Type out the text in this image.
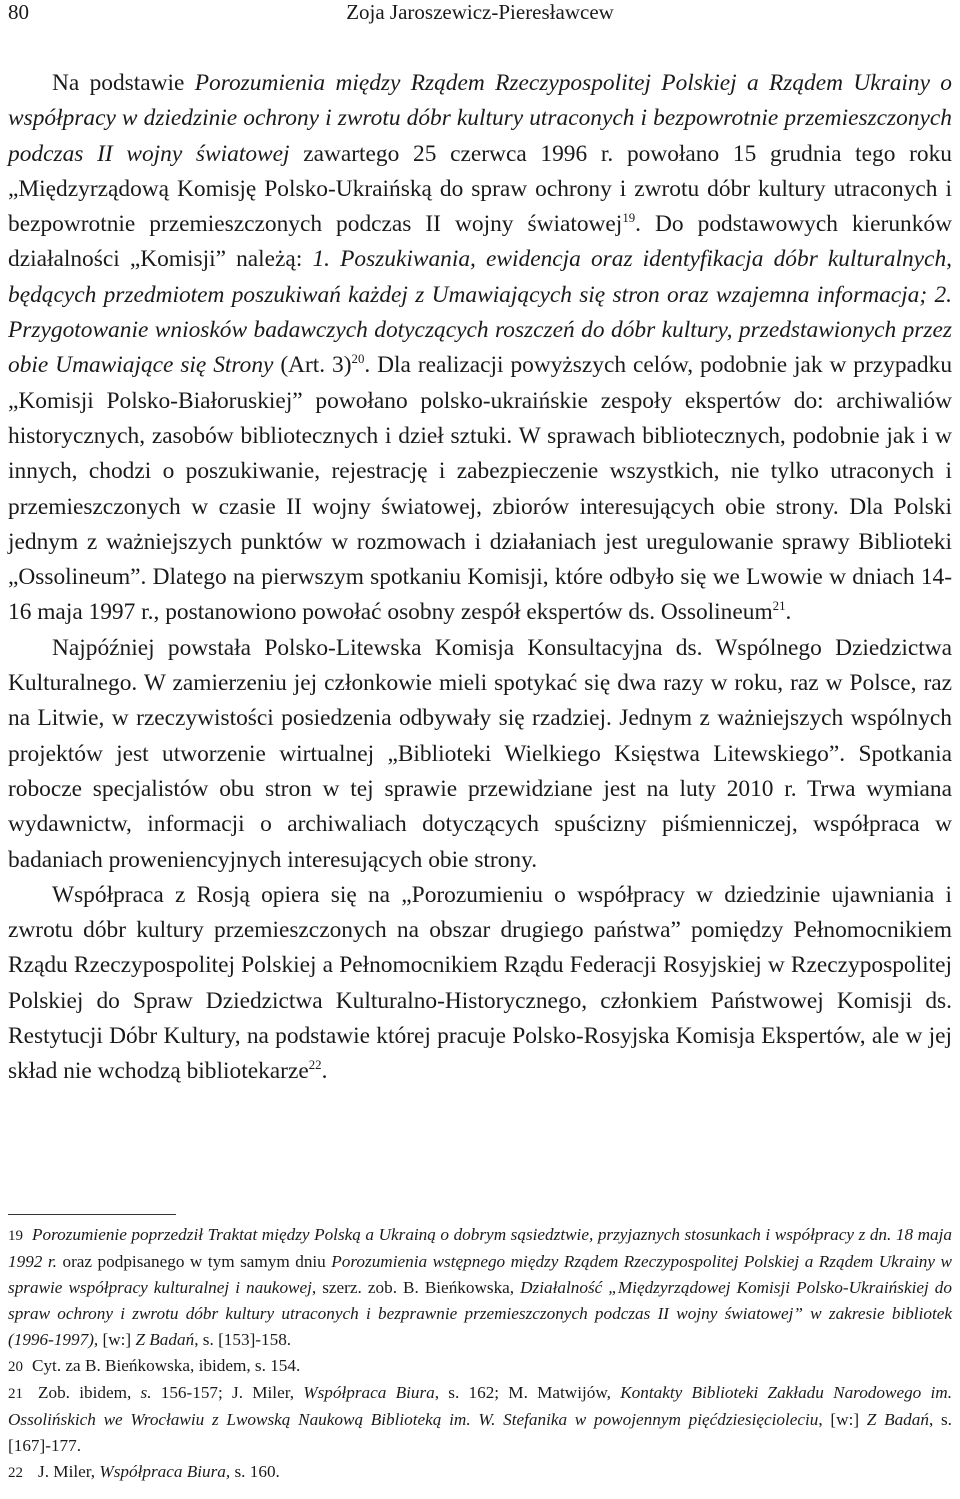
80	Zoja Jaroszewicz-Pieresławcew

Na podstawie Porozumienia między Rządem Rzeczypospolitej Polskiej a Rządem Ukrainy o współpracy w dziedzinie ochrony i zwrotu dóbr kultury utraconych i bezpowrotnie przemieszczonych podczas II wojny światowej zawartego 25 czerwca 1996 r. powołano 15 grudnia tego roku „Międzyrządową Komisję Polsko-Ukraińską do spraw ochrony i zwrotu dóbr kultury utraconych i bezpowrotnie przemieszczonych podczas II wojny światowej$^{19}$. Do podstawowych kierunków działalności „Komisji” należą: 1. Poszukiwania, ewidencja oraz identyfikacja dóbr kulturalnych, będących przedmiotem poszukiwań każdej z Umawiających się stron oraz wzajemna informacja; 2. Przygotowanie wniosków badawczych dotyczących roszczeń do dóbr kultury, przedstawionych przez obie Umawiające się Strony (Art. 3)$^{20}$. Dla realizacji powyższych celów, podobnie jak w przypadku „Komisji Polsko-Białoruskiej” powołano polsko-ukraińskie zespoły ekspertów do: archiwaliów historycznych, zasobów bibliotecznych i dzieł sztuki. W sprawach bibliotecznych, podobnie jak i w innych, chodzi o poszukiwanie, rejestrację i zabezpieczenie wszystkich, nie tylko utraconych i przemieszczonych w czasie II wojny światowej, zbiorów interesujących obie strony. Dla Polski jednym z ważniejszych punktów w rozmowach i działaniach jest uregulowanie sprawy Biblioteki „Ossolineum”. Dlatego na pierwszym spotkaniu Komisji, które odbyło się we Lwowie w dniach 14-16 maja 1997 r., postanowiono powołać osobny zespół ekspertów ds. Ossolineum$^{21}$.

Najpóźniej powstała Polsko-Litewska Komisja Konsultacyjna ds. Wspólnego Dziedzictwa Kulturalnego. W zamierzeniu jej członkowie mieli spotykać się dwa razy w roku, raz w Polsce, raz na Litwie, w rzeczywistości posiedzenia odbywały się rzadziej. Jednym z ważniejszych wspólnych projektów jest utworzenie wirtualnej „Biblioteki Wielkiego Księstwa Litewskiego”. Spotkania robocze specjalistów obu stron w tej sprawie przewidziane jest na luty 2010 r. Trwa wymiana wydawnictw, informacji o archiwaliach dotyczących spuścizny piśmienniczej, współpraca w badaniach proweniencyjnych interesujących obie strony.

Współpraca z Rosją opiera się na „Porozumieniu o współpracy w dziedzinie ujawniania i zwrotu dóbr kultury przemieszczonych na obszar drugiego państwa” pomiędzy Pełnomocnikiem Rządu Rzeczypospolitej Polskiej a Pełnomocnikiem Rządu Federacji Rosyjskiej w Rzeczypospolitej Polskiej do Spraw Dziedzictwa Kulturalno-Historycznego, członkiem Państwowej Komisji ds. Restytucji Dóbr Kultury, na podstawie której pracuje Polsko-Rosyjska Komisja Ekspertów, ale w jej skład nie wchodzą bibliotekarze$^{22}$.

19 Porozumienie poprzedził Traktat między Polską a Ukrainą o dobrym sąsiedztwie, przyjaznych stosunkach i współpracy z dn. 18 maja 1992 r. oraz podpisanego w tym samym dniu Porozumienia wstępnego między Rządem Rzeczypospolitej Polskiej a Rządem Ukrainy w sprawie współpracy kulturalnej i naukowej, szerz. zob. B. Bieńkowska, Działalność „Międzyrządowej Komisji Polsko-Ukraińskiej do spraw ochrony i zwrotu dóbr kultury utraconych i bezprawnie przemieszczonych podczas II wojny światowej” w zakresie bibliotek (1996-1997), [w:] Z Badań, s. [153]-158.

20 Cyt. za B. Bieńkowska, ibidem, s. 154.

21 Zob. ibidem, s. 156-157; J. Miler, Współpraca Biura, s. 162; M. Matwijów, Kontakty Biblioteki Zakładu Narodowego im. Ossolińskich we Wrocławiu z Lwowską Naukową Biblioteką im. W. Stefanika w powojennym pięćdziesięcioleciu, [w:] Z Badań, s. [167]-177.

22 J. Miler, Współpraca Biura, s. 160.
